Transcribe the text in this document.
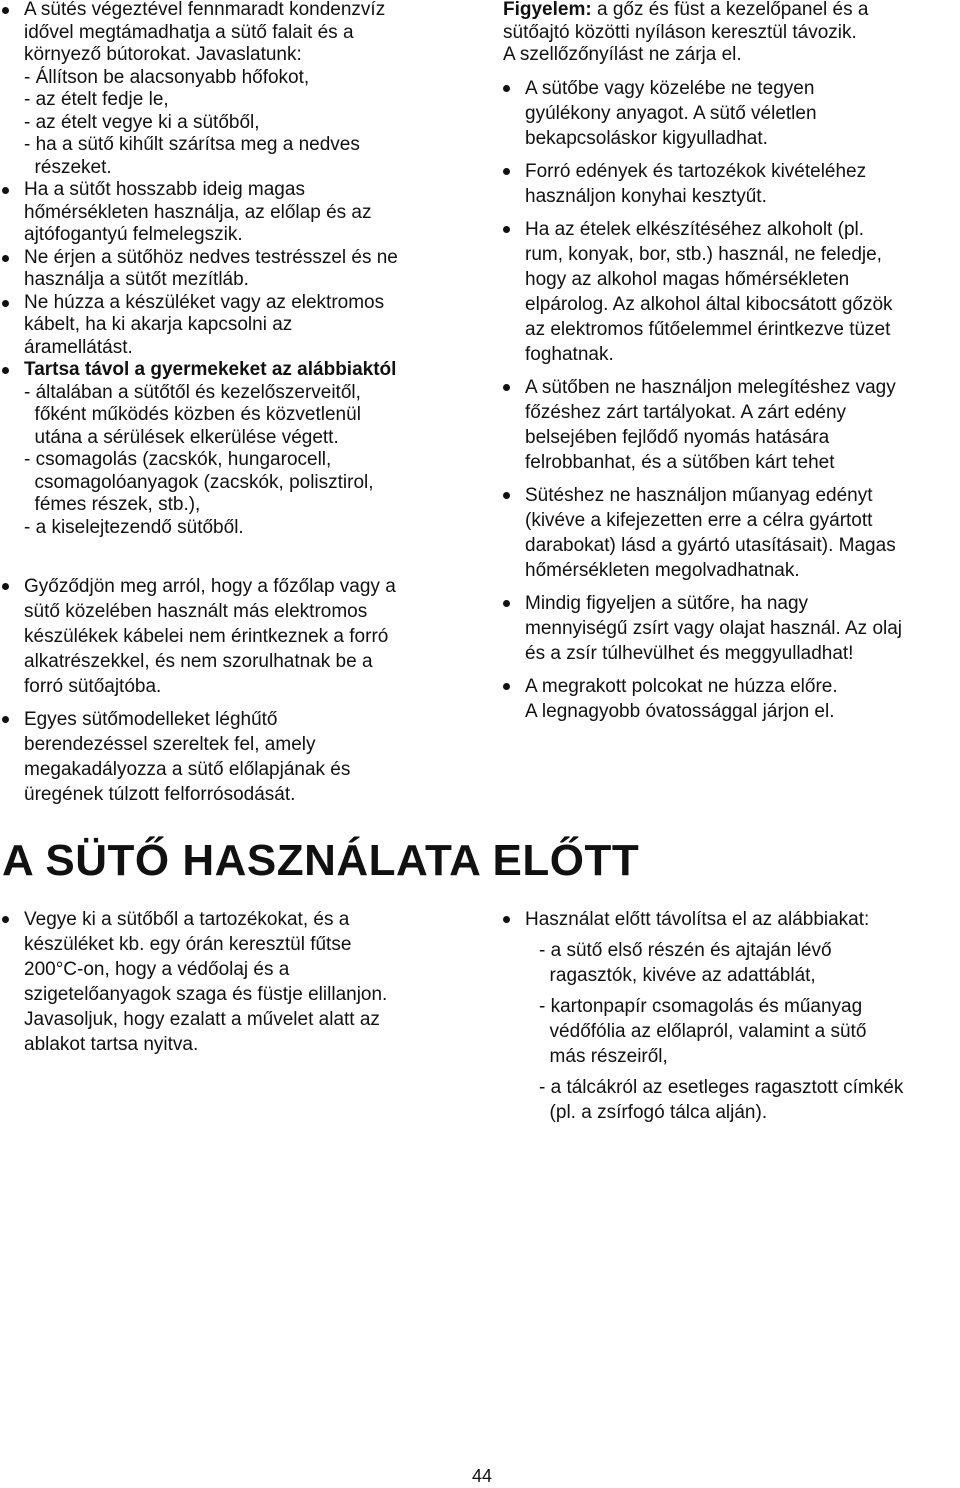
A sütés végeztével fennmaradt kondenzvíz
idővel megtámadhatja a sütő falait és a
környező bútorokat. Javaslatunk:
- Állítson be alacsonyabb hőfokot,
- az ételt fedje le,
- az ételt vegye ki a sütőből,
- ha a sütő kihűlt szárítsa meg a nedves
részeket.
Ha a sütőt hosszabb ideig magas
hőmérsékleten használja, az előlap és az
ajtófogantyú felmelegszik.
Ne érjen a sütőhöz nedves testrésszel és ne
használja a sütőt mezítláb.
Ne húzza a készüléket vagy az elektromos
kábelt, ha ki akarja kapcsolni az
áramellátást.
Tartsa távol a gyermekeket az alábbiaktól
- általában a sütőtől és kezelőszerveitől,
főként működés közben és közvetlenül
utána a sérülések elkerülése végett.
- csomagolás (zacskók, hungarocell,
csomagolóanyagok (zacskók, polisztirol,
fémes részek, stb.),
- a kiselejtezendő sütőből.
Győződjön meg arról, hogy a főzőlap vagy a
sütő közelében használt más elektromos
készülékek kábelei nem érintkeznek a forró
alkatrészekkel, és nem szorulhatnak be a
forró sütőajtóba.
Egyes sütőmodelleket léghűtő
berendezéssel szereltek fel, amely
megakadályozza a sütő előlapjának és
üregének túlzott felforrósodását.
Figyelem: a gőz és füst a kezelőpanel és a
sütőajtó közötti nyíláson keresztül távozik.
A szellőzőnyílást ne zárja el.
A sütőbe vagy közelébe ne tegyen
gyúlékony anyagot. A sütő véletlen
bekapcsoláskor kigyulladhat.
Forró edények és tartozékok kivételéhez
használjon konyhai kesztyűt.
Ha az ételek elkészítéséhez alkoholt (pl.
rum, konyak, bor, stb.) használ, ne feledje,
hogy az alkohol magas hőmérsékleten
elpárolog. Az alkohol által kibocsátott gőzök
az elektromos fűtőelemmel érintkezve tüzet
foghatnak.
A sütőben ne használjon melegítéshez vagy
főzéshez zárt tartályokat. A zárt edény
belsejében fejlődő nyomás hatására
felrobbanhat, és a sütőben kárt tehet
Sütéshez ne használjon műanyag edényt
(kivéve a kifejezetten erre a célra gyártott
darabokat) lásd a gyártó utasításait). Magas
hőmérsékleten megolvadhatnak.
Mindig figyeljen a sütőre, ha nagy
mennyiségű zsírt vagy olajat használ. Az olaj
és a zsír túlhevülhet és meggyulladhat!
A megrakott polcokat ne húzza előre.
A legnagyobb óvatossággal járjon el.
A SÜTŐ HASZNÁLATA ELŐTT
Vegye ki a sütőből a tartozékokat, és a
készüléket kb. egy órán keresztül fűtse
200°C-on, hogy a védőolaj és a
szigetelőanyagok szaga és füstje elillanjon.
Javasoljuk, hogy ezalatt a művelet alatt az
ablakot tartsa nyitva.
Használat előtt távolítsa el az alábbiakat:
- a sütő első részén és ajtaján lévő
ragasztók, kivéve az adattáblát,
- kartonpapír csomagolás és műanyag
védőfólia az előlapról, valamint a sütő
más részeiről,
- a tálcákról az esetleges ragasztott címkék
(pl. a zsírfogó tálca alján).
44
